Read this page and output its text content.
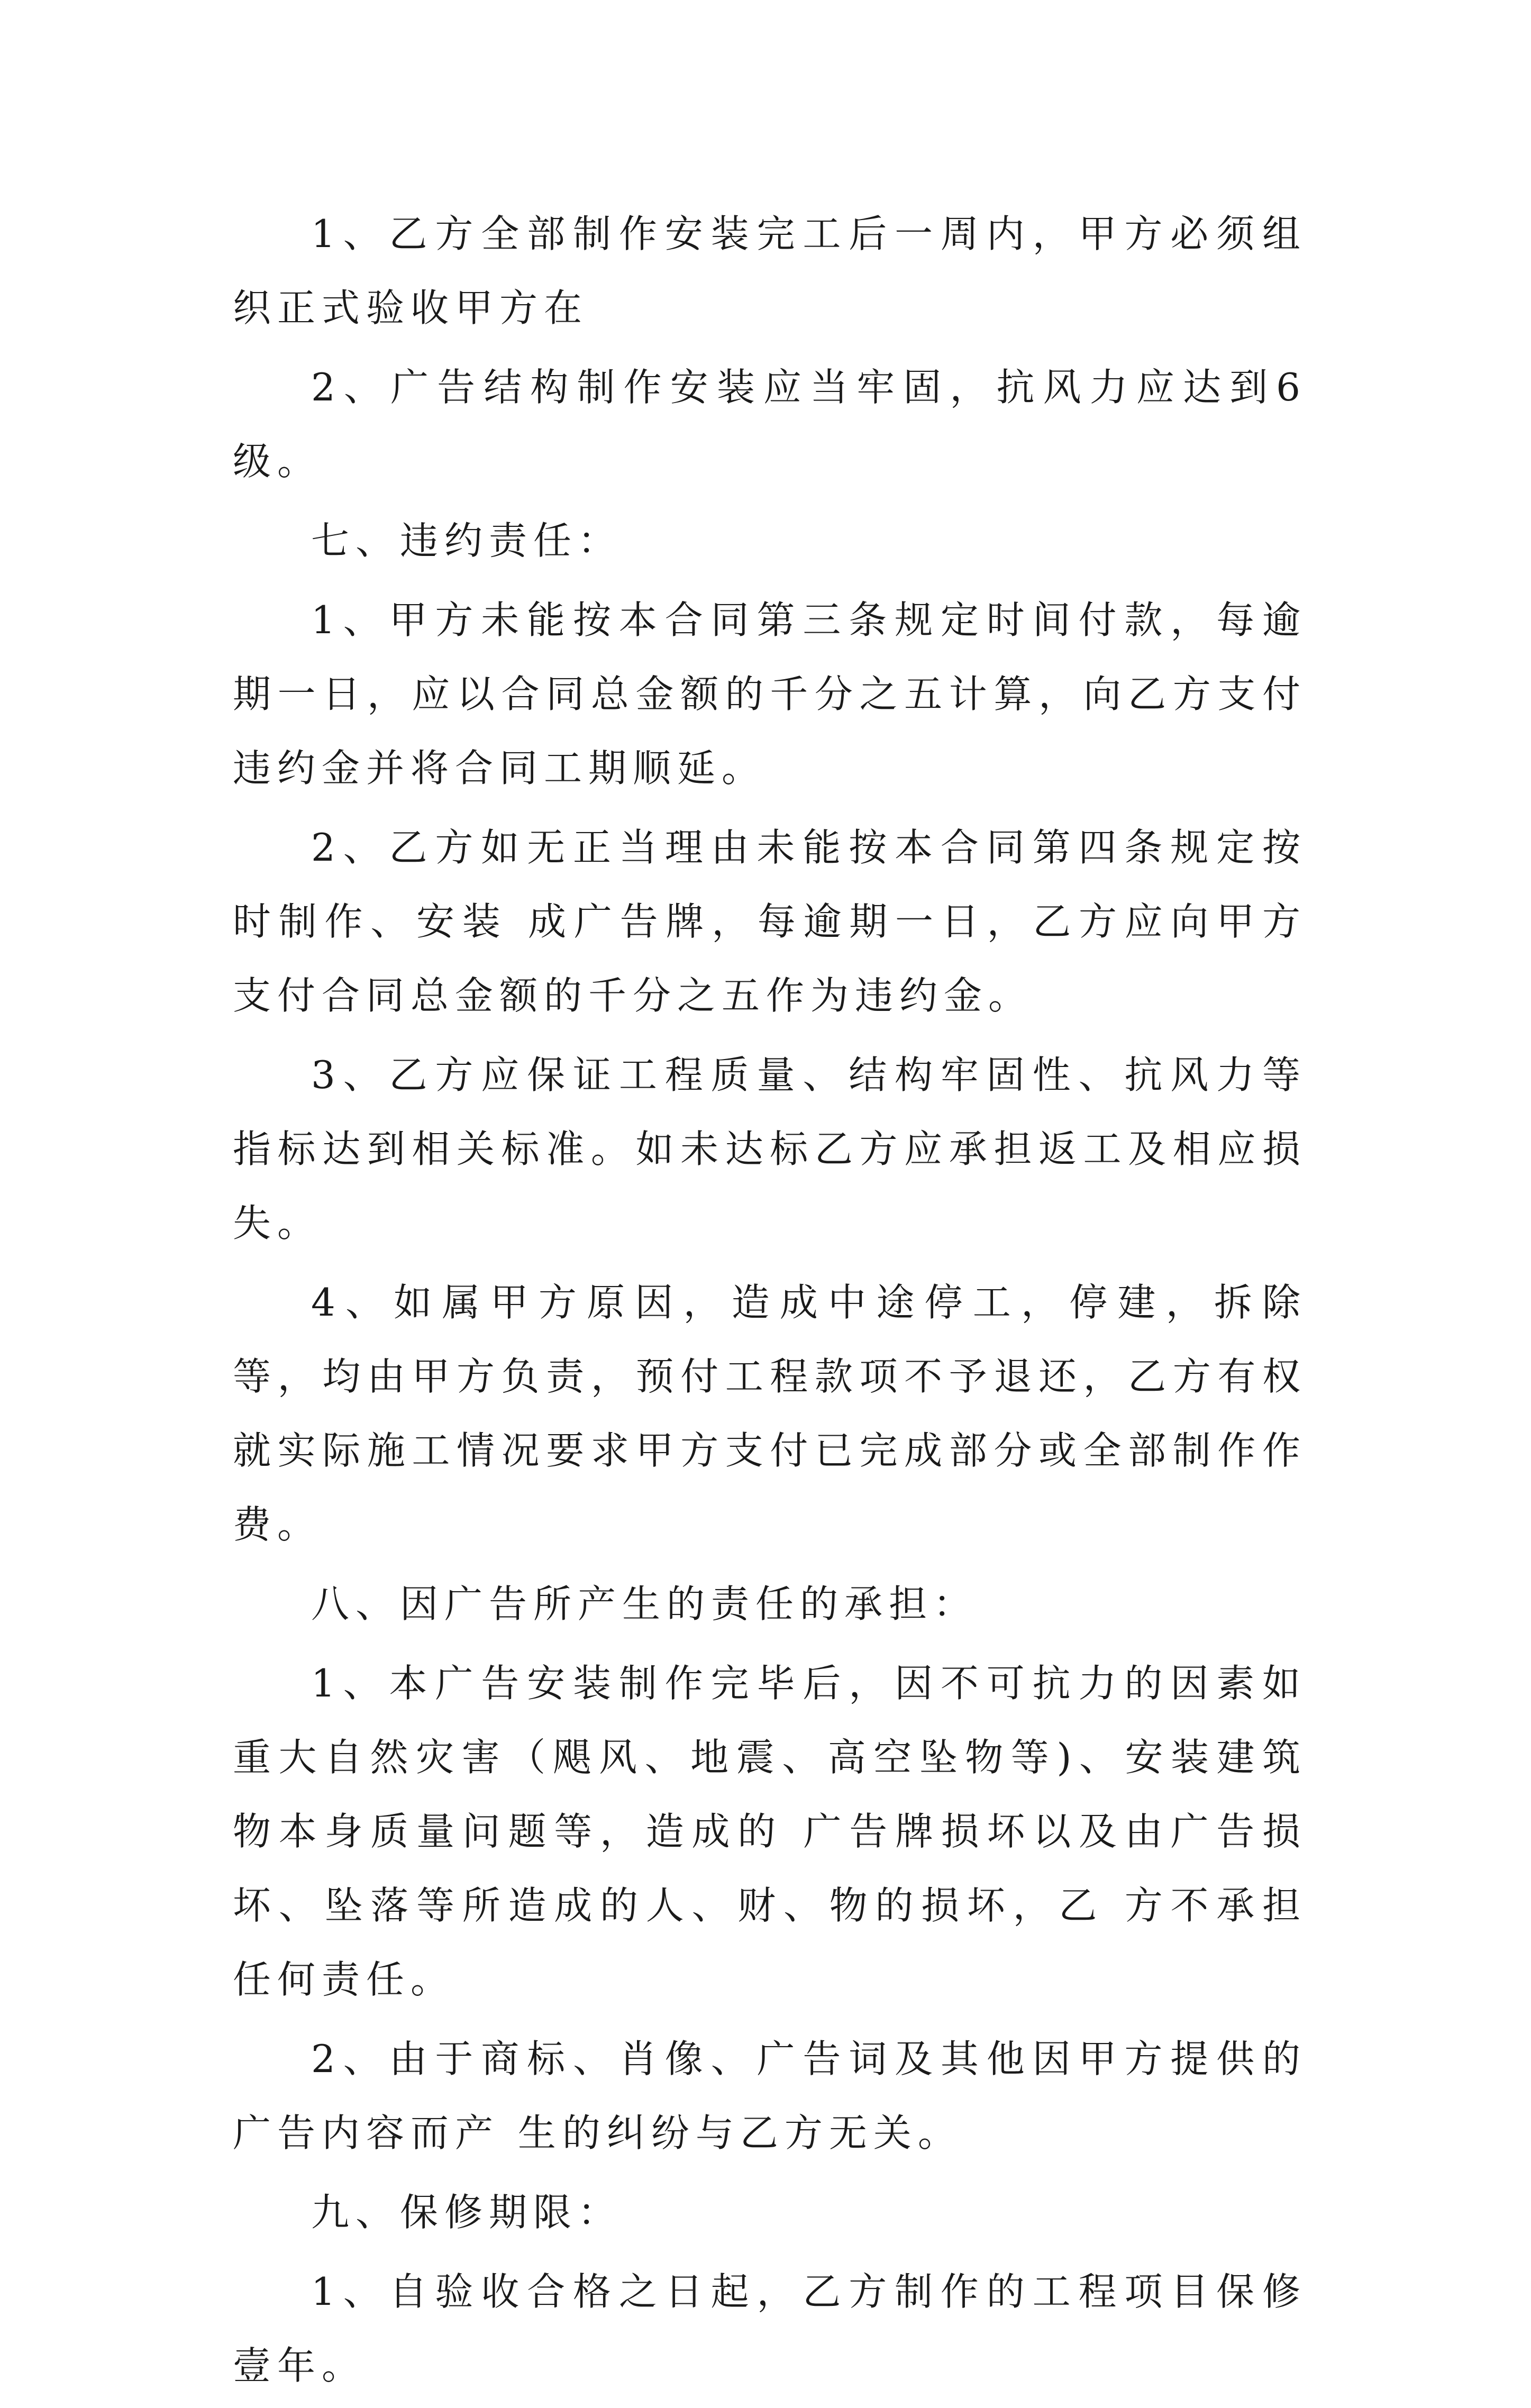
1、乙方全部制作安装完工后一周内，甲方必须组织正式验收甲方在

2、广告结构制作安装应当牢固，抗风力应达到6级。

七、违约责任：

1、甲方未能按本合同第三条规定时间付款，每逾期一日，应以合同总金额的千分之五计算，向乙方支付违约金并将合同工期顺延。

2、乙方如无正当理由未能按本合同第四条规定按时制作、安装 成广告牌，每逾期一日，乙方应向甲方支付合同总金额的千分之五作为违约金。

3、乙方应保证工程质量、结构牢固性、抗风力等指标达到相关标准。如未达标乙方应承担返工及相应损失。

4、如属甲方原因，造成中途停工，停建，拆除等，均由甲方负责，预付工程款项不予退还，乙方有权就实际施工情况要求甲方支付已完成部分或全部制作作费。

八、因广告所产生的责任的承担：

1、本广告安装制作完毕后，因不可抗力的因素如重大自然灾害（飓风、地震、高空坠物等)、安装建筑物本身质量问题等，造成的 广告牌损坏以及由广告损坏、坠落等所造成的人、财、物的损坏，乙 方不承担任何责任。

2、由于商标、肖像、广告词及其他因甲方提供的广告内容而产 生的纠纷与乙方无关。

九、保修期限：

1、自验收合格之日起，乙方制作的工程项目保修壹年。
